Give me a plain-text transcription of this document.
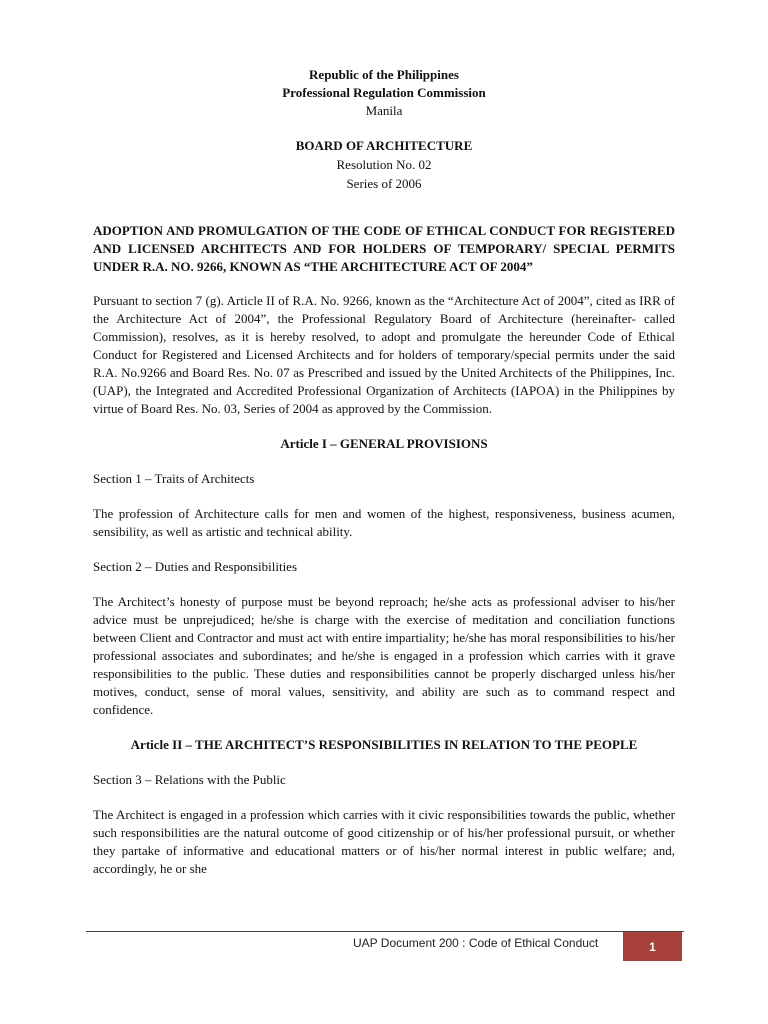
Republic of the Philippines
Professional Regulation Commission
Manila
BOARD OF ARCHITECTURE
Resolution No. 02
Series of 2006

ADOPTION AND PROMULGATION OF THE CODE OF ETHICAL CONDUCT FOR REGISTERED AND LICENSED ARCHITECTS AND FOR HOLDERS OF TEMPORARY/ SPECIAL PERMITS UNDER R.A. NO. 9266, KNOWN AS “THE ARCHITECTURE ACT OF 2004”

Pursuant to section 7 (g). Article II of R.A. No. 9266, known as the “Architecture Act of 2004”, cited as IRR of the Architecture Act of 2004”, the Professional Regulatory Board of Architecture (hereinafter- called Commission), resolves, as it is hereby resolved, to adopt and promulgate the hereunder Code of Ethical Conduct for Registered and Licensed Architects and for holders of temporary/special permits under the said R.A. No.9266 and Board Res. No. 07 as Prescribed and issued by the United Architects of the Philippines, Inc. (UAP), the Integrated and Accredited Professional Organization of Architects (IAPOA) in the Philippines by virtue of Board Res. No. 03, Series of 2004 as approved by the Commission.

Article I – GENERAL PROVISIONS

Section 1 – Traits of Architects

The profession of Architecture calls for men and women of the highest, responsiveness, business acumen, sensibility, as well as artistic and technical ability.

Section 2 – Duties and Responsibilities

The Architect’s honesty of purpose must be beyond reproach; he/she acts as professional adviser to his/her advice must be unprejudiced; he/she is charge with the exercise of meditation and conciliation functions between Client and Contractor and must act with entire impartiality; he/she has moral responsibilities to his/her professional associates and subordinates; and he/she is engaged in a profession which carries with it grave responsibilities to the public. These duties and responsibilities cannot be properly discharged unless his/her motives, conduct, sense of moral values, sensitivity, and ability are such as to command respect and confidence.

Article II – THE ARCHITECT’S RESPONSIBILITIES IN RELATION TO THE PEOPLE

Section 3 – Relations with the Public

The Architect is engaged in a profession which carries with it civic responsibilities towards the public, whether such responsibilities are the natural outcome of good citizenship or of his/her professional pursuit, or whether they partake of informative and educational matters or of his/her normal interest in public welfare; and, accordingly, he or she

UAP Document 200 : Code of Ethical Conduct	1
